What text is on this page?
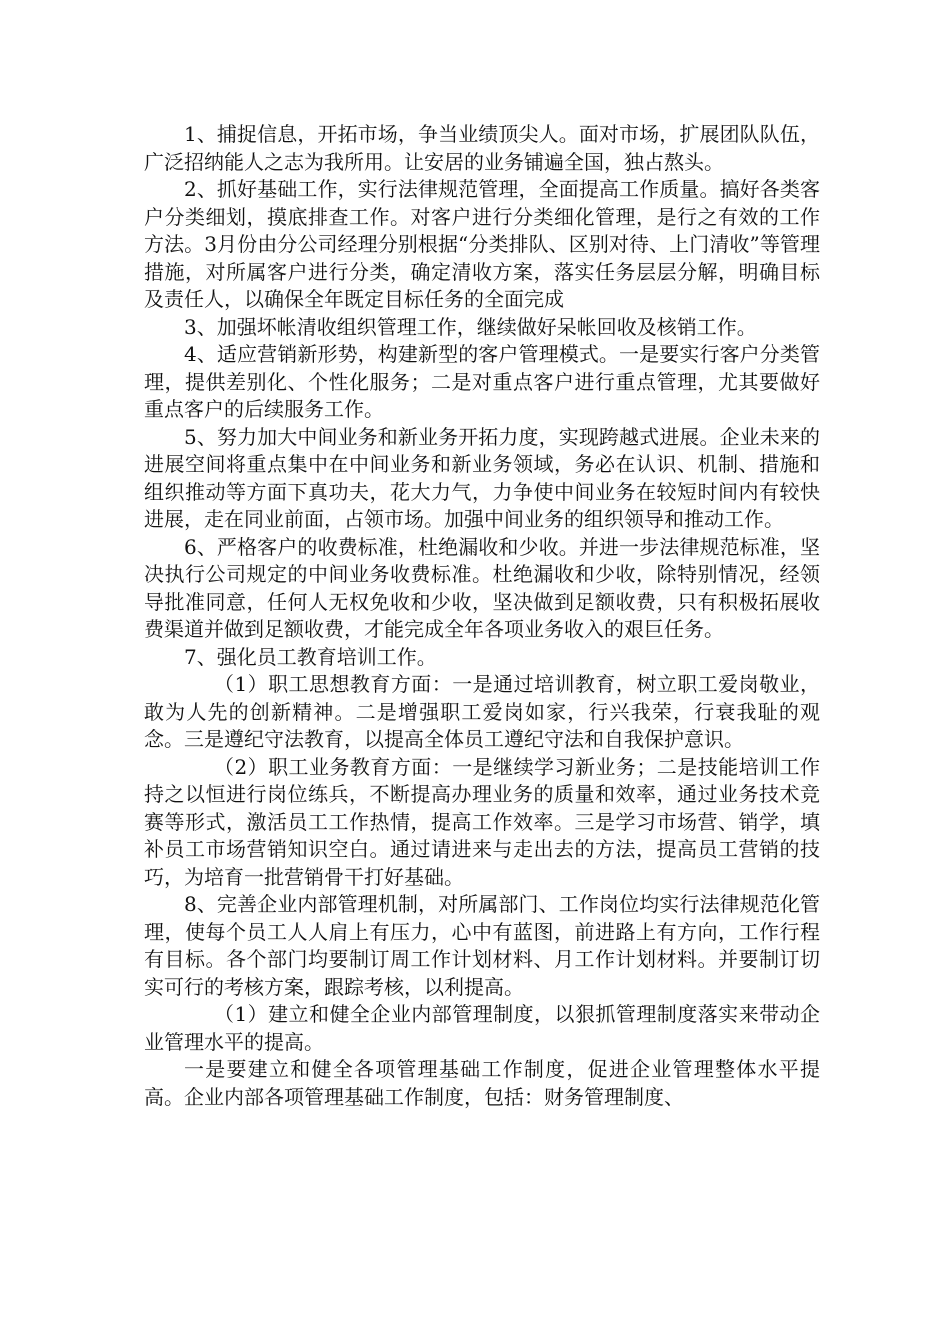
1、捕捉信息，开拓市场，争当业绩顶尖人。面对市场，扩展团队队伍，广泛招纳能人之志为我所用。让安居的业务铺遍全国，独占熬头。

2、抓好基础工作，实行法律规范管理，全面提高工作质量。搞好各类客户分类细划，摸底排查工作。对客户进行分类细化管理，是行之有效的工作方法。3月份由分公司经理分别根据“分类排队、区别对待、上门清收”等管理措施，对所属客户进行分类，确定清收方案，落实任务层层分解，明确目标及责任人，以确保全年既定目标任务的全面完成

3、加强坏帐清收组织管理工作，继续做好呆帐回收及核销工作。

4、适应营销新形势，构建新型的客户管理模式。一是要实行客户分类管理，提供差别化、个性化服务；二是对重点客户进行重点管理，尤其要做好重点客户的后续服务工作。

5、努力加大中间业务和新业务开拓力度，实现跨越式进展。企业未来的进展空间将重点集中在中间业务和新业务领域，务必在认识、机制、措施和组织推动等方面下真功夫，花大力气，力争使中间业务在较短时间内有较快进展，走在同业前面，占领市场。加强中间业务的组织领导和推动工作。

6、严格客户的收费标准，杜绝漏收和少收。并进一步法律规范标准，坚决执行公司规定的中间业务收费标准。杜绝漏收和少收，除特别情况，经领导批准同意，任何人无权免收和少收，坚决做到足额收费，只有积极拓展收费渠道并做到足额收费，才能完成全年各项业务收入的艰巨任务。

7、强化员工教育培训工作。

（1）职工思想教育方面：一是通过培训教育，树立职工爱岗敬业，敢为人先的创新精神。二是增强职工爱岗如家，行兴我荣，行衰我耻的观念。三是遵纪守法教育，以提高全体员工遵纪守法和自我保护意识。

（2）职工业务教育方面：一是继续学习新业务；二是技能培训工作持之以恒进行岗位练兵，不断提高办理业务的质量和效率，通过业务技术竞赛等形式，激活员工工作热情，提高工作效率。三是学习市场营、销学，填补员工市场营销知识空白。通过请进来与走出去的方法，提高员工营销的技巧，为培育一批营销骨干打好基础。

8、完善企业内部管理机制，对所属部门、工作岗位均实行法律规范化管理，使每个员工人人肩上有压力，心中有蓝图，前进路上有方向，工作行程有目标。各个部门均要制订周工作计划材料、月工作计划材料。并要制订切实可行的考核方案，跟踪考核，以利提高。

（1）建立和健全企业内部管理制度，以狠抓管理制度落实来带动企业管理水平的提高。

一是要建立和健全各项管理基础工作制度，促进企业管理整体水平提高。企业内部各项管理基础工作制度，包括：财务管理制度、
